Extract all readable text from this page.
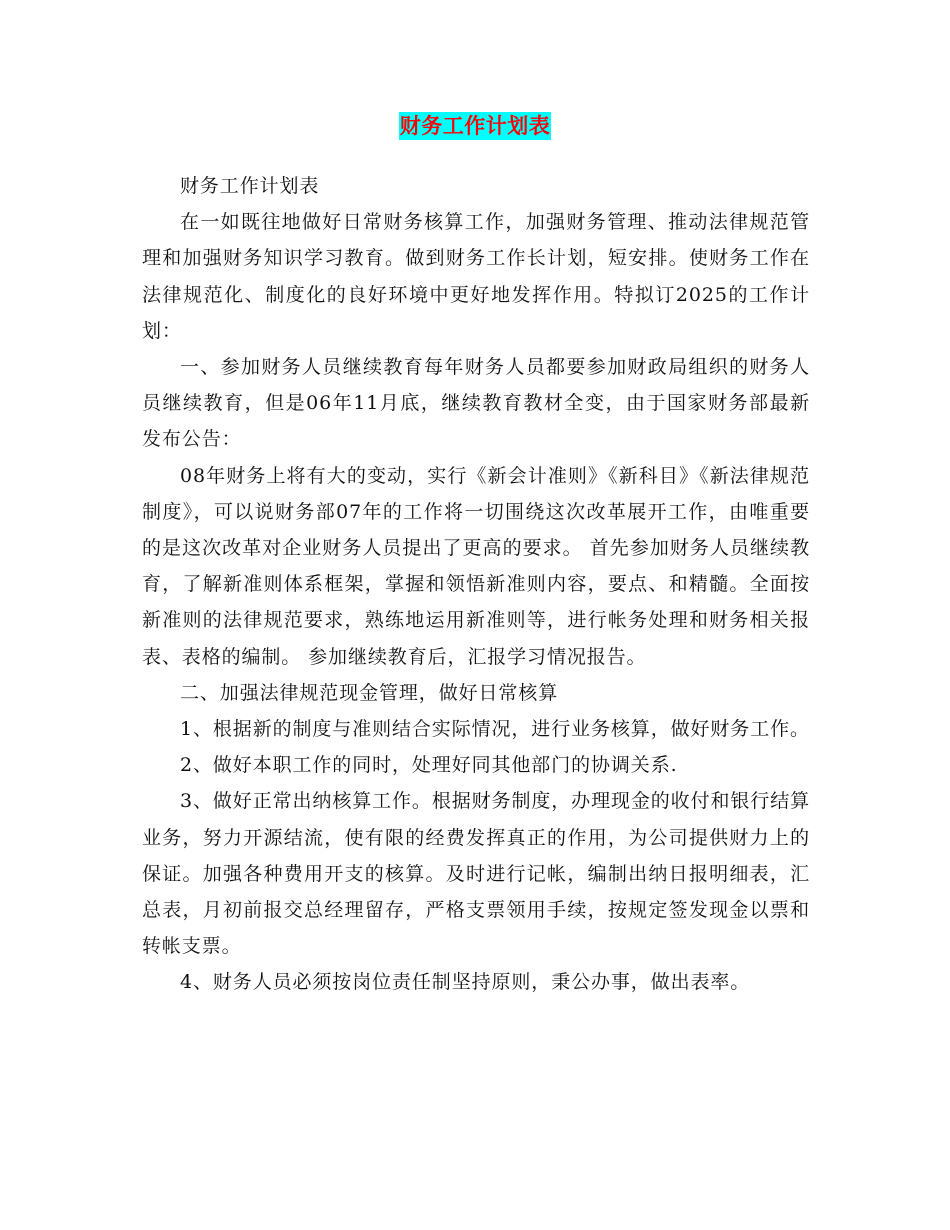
财务工作计划表

财务工作计划表

在一如既往地做好日常财务核算工作，加强财务管理、推动法律规范管理和加强财务知识学习教育。做到财务工作长计划，短安排。使财务工作在法律规范化、制度化的良好环境中更好地发挥作用。特拟订2025的工作计划：

一、参加财务人员继续教育每年财务人员都要参加财政局组织的财务人员继续教育，但是06年11月底，继续教育教材全变，由于国家财务部最新发布公告：

08年财务上将有大的变动，实行《新会计准则》《新科目》《新法律规范制度》，可以说财务部07年的工作将一切围绕这次改革展开工作，由唯重要的是这次改革对企业财务人员提出了更高的要求。 首先参加财务人员继续教育，了解新准则体系框架，掌握和领悟新准则内容，要点、和精髓。全面按新准则的法律规范要求，熟练地运用新准则等，进行帐务处理和财务相关报表、表格的编制。 参加继续教育后，汇报学习情况报告。

二、加强法律规范现金管理，做好日常核算

1、根据新的制度与准则结合实际情况，进行业务核算，做好财务工作。

2、做好本职工作的同时，处理好同其他部门的协调关系.

3、做好正常出纳核算工作。根据财务制度，办理现金的收付和银行结算业务，努力开源结流，使有限的经费发挥真正的作用，为公司提供财力上的保证。加强各种费用开支的核算。及时进行记帐，编制出纳日报明细表，汇总表，月初前报交总经理留存，严格支票领用手续，按规定签发现金以票和转帐支票。

4、财务人员必须按岗位责任制坚持原则，秉公办事，做出表率。
